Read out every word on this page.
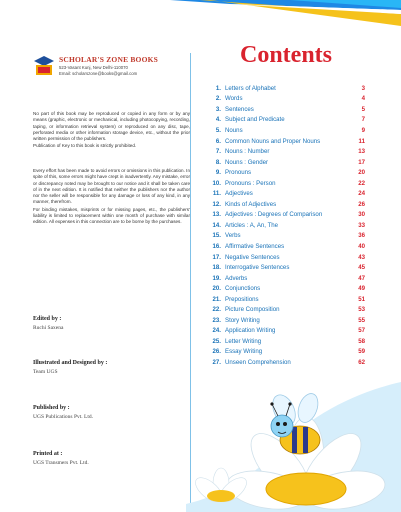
SCHOLAR'S ZONE BOOKS
523-Vasant Kunj, New Delhi-110070
Email: scholarszone@books@gmail.com

No part of this book may be reproduced or copied in any form or by any means (graphic, electronic or mechanical, including photocopying, recording, taping, or information retrieval system) or reproduced on any disc, tape, perforated media or other information storage device, etc., without the prior written permission of the publishers.

Publication of Key to this book is strictly prohibited.

Every effort has been made to avoid errors or omissions in this publication. In spite of this, some errors might have crept in inadvertently. Any mistake, error or discrepancy noted may be brought to our notice and it shall be taken care of in the next edition. It is notified that neither the publishers nor the author nor the seller will be responsible for any damage or loss of any kind, in any manner, therefrom.

For binding mistakes, misprints or for missing pages, etc., the publishers' liability is limited to replacement within one month of purchase with similar edition. All expenses in this connection are to be borne by the purchases.

Edited by :
Ruchi Saxena
Illustrated and Designed by :
Team UGS
Published by :
UGS Publications Pvt. Ltd.
Printed at :
UGS Transmers Pvt. Ltd.
Contents
1. Letters of Alphabet	3
2. Words	4
3. Sentences	5
4. Subject and Predicate	7
5. Nouns	9
6. Common Nouns and Proper Nouns	11
7. Nouns : Number	13
8. Nouns : Gender	17
9. Pronouns	20
10. Pronouns : Person	22
11. Adjectives	24
12. Kinds of Adjectives	26
13. Adjectives : Degrees of Comparison	30
14. Articles : A, An, The	33
15. Verbs	36
16. Affirmative Sentences	40
17. Negative Sentences	43
18. Interrogative Sentences	45
19. Adverbs	47
20. Conjunctions	49
21. Prepositions	51
22. Picture Composition	53
23. Story Writing	55
24. Application Writing	57
25. Letter Writing	58
26. Essay Writing	59
27. Unseen Comprehension	62
